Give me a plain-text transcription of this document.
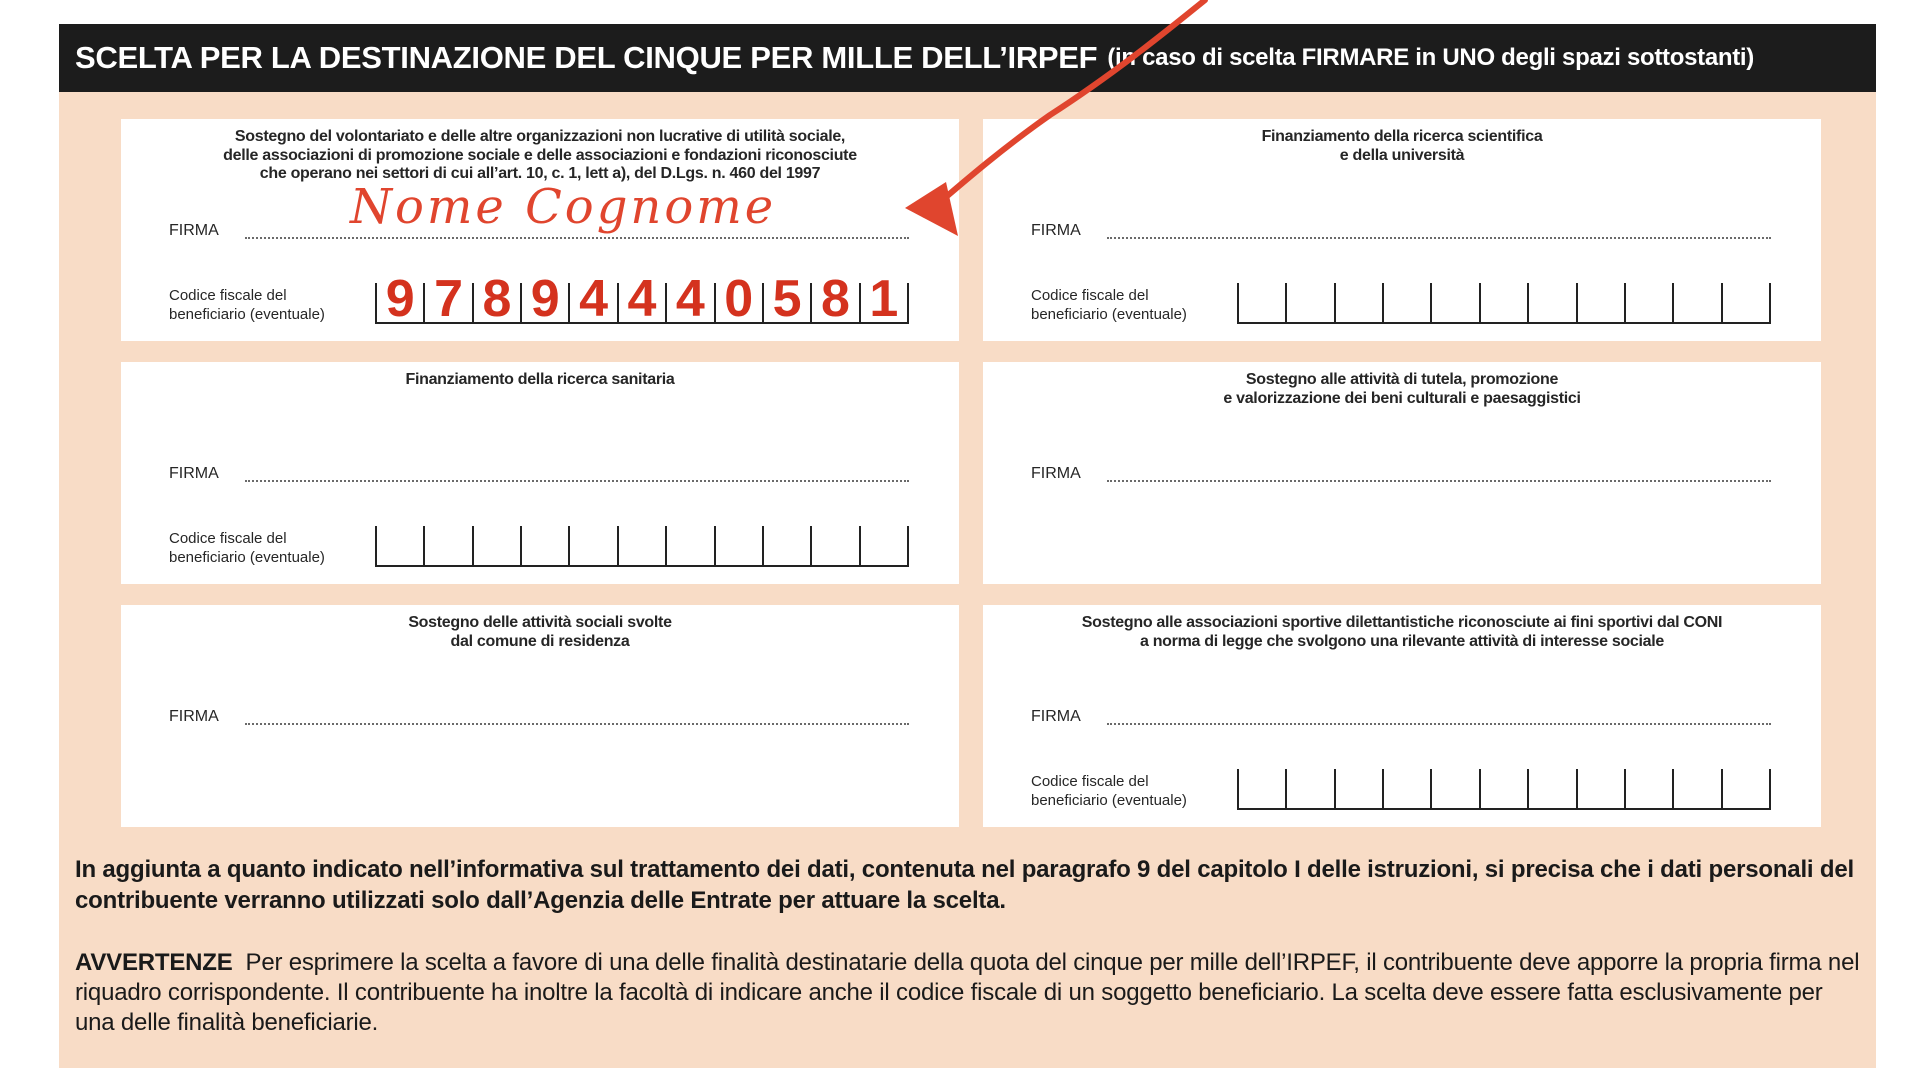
SCELTA PER LA DESTINAZIONE DEL CINQUE PER MILLE DELL’IRPEF (in caso di scelta FIRMARE in UNO degli spazi sottostanti)
Sostegno del volontariato e delle altre organizzazioni non lucrative di utilità sociale,
delle associazioni di promozione sociale e delle associazioni e fondazioni riconosciute
che operano nei settori di cui all’art. 10, c. 1, lett a), del D.Lgs. n. 460 del 1997
FIRMA	Nome Cognome
Codice fiscale del
beneficiario (eventuale) 9 7 8 9 4 4 4 0 5 8 1
Finanziamento della ricerca scientifica
e della università
FIRMA
Codice fiscale del
beneficiario (eventuale)
Finanziamento della ricerca sanitaria
FIRMA
Codice fiscale del
beneficiario (eventuale)
Sostegno alle attività di tutela, promozione
e valorizzazione dei beni culturali e paesaggistici
FIRMA
Sostegno delle attività sociali svolte
dal comune di residenza
FIRMA
Sostegno alle associazioni sportive dilettantistiche riconosciute ai fini sportivi dal CONI
a norma di legge che svolgono una rilevante attività di interesse sociale
FIRMA
Codice fiscale del
beneficiario (eventuale)
In aggiunta a quanto indicato nell’informativa sul trattamento dei dati, contenuta nel paragrafo 9 del capitolo I delle istruzioni, si precisa che i dati personali del contribuente verranno utilizzati solo dall’Agenzia delle Entrate per attuare la scelta.
AVVERTENZE Per esprimere la scelta a favore di una delle finalità destinatarie della quota del cinque per mille dell’IRPEF, il contribuente deve apporre la propria firma nel riquadro corrispondente. Il contribuente ha inoltre la facoltà di indicare anche il codice fiscale di un soggetto beneficiario. La scelta deve essere fatta esclusivamente per una delle finalità beneficiarie.
